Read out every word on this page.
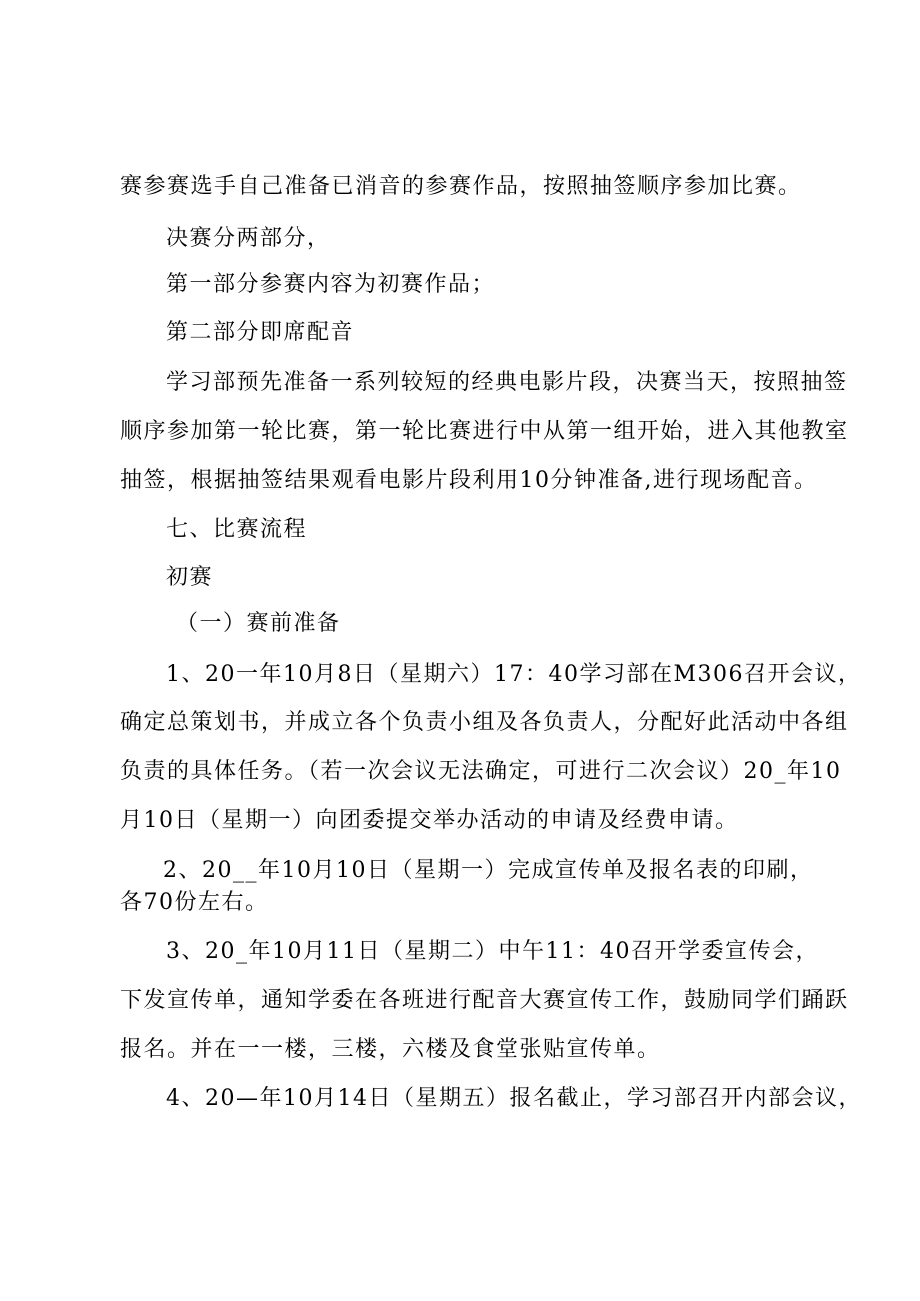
赛参赛选手自己准备已消音的参赛作品，按照抽签顺序参加比赛。
决赛分两部分，
第一部分参赛内容为初赛作品；
第二部分即席配音
学习部预先准备一系列较短的经典电影片段，决赛当天，按照抽签
顺序参加第一轮比赛，第一轮比赛进行中从第一组开始，进入其他教室
抽签，根据抽签结果观看电影片段利用10分钟准备,进行现场配音。
七、比赛流程
初赛
（一）赛前准备
1、20一年10月8日（星期六）17：40学习部在M306召开会议，
确定总策划书，并成立各个负责小组及各负责人，分配好此活动中各组
负责的具体任务。（若一次会议无法确定，可进行二次会议）20_年10
月10日（星期一）向团委提交举办活动的申请及经费申请。
2、20__年10月10日（星期一）完成宣传单及报名表的印刷，
各70份左右。
3、20_年10月11日（星期二）中午11：40召开学委宣传会，
下发宣传单，通知学委在各班进行配音大赛宣传工作，鼓励同学们踊跃
报名。并在一一楼，三楼，六楼及食堂张贴宣传单。
4、20—年10月14日（星期五）报名截止，学习部召开内部会议，
